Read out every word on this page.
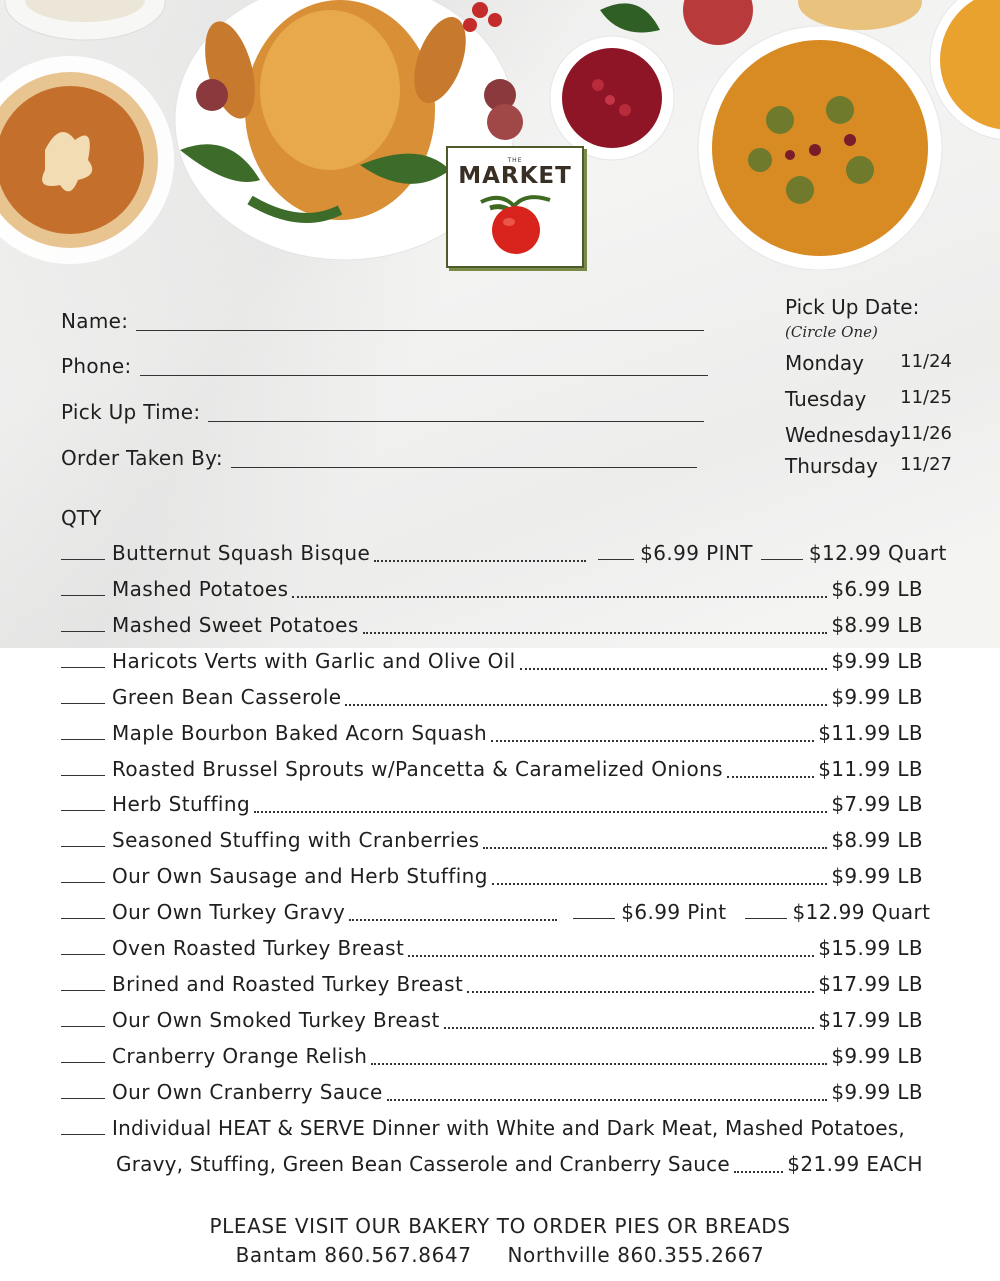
THE
MARKET
Name:
Phone:
Pick Up Time:
Order Taken By:
Pick Up Date:
(Circle One)
Monday 11/24
Tuesday 11/25
Wednesday 11/26
Thursday 11/27
QTY
Butternut Squash Bisque	$6.99 PINT	$12.99 Quart
Mashed Potatoes	$6.99 LB
Mashed Sweet Potatoes	$8.99 LB
Haricots Verts with Garlic and Olive Oil	$9.99 LB
Green Bean Casserole	$9.99 LB
Maple Bourbon Baked Acorn Squash	$11.99 LB
Roasted Brussel Sprouts w/Pancetta & Caramelized Onions	$11.99 LB
Herb Stuffing	$7.99 LB
Seasoned Stuffing with Cranberries	$8.99 LB
Our Own Sausage and Herb Stuffing	$9.99 LB
Our Own Turkey Gravy	$6.99 Pint	$12.99 Quart
Oven Roasted Turkey Breast	$15.99 LB
Brined and Roasted Turkey Breast	$17.99 LB
Our Own Smoked Turkey Breast	$17.99 LB
Cranberry Orange Relish	$9.99 LB
Our Own Cranberry Sauce	$9.99 LB
Individual HEAT & SERVE Dinner with White and Dark Meat, Mashed Potatoes,
Gravy, Stuffing, Green Bean Casserole and Cranberry Sauce	$21.99 EACH
PLEASE VISIT OUR BAKERY TO ORDER PIES OR BREADS
Bantam 860.567.8647 Northville 860.355.2667
